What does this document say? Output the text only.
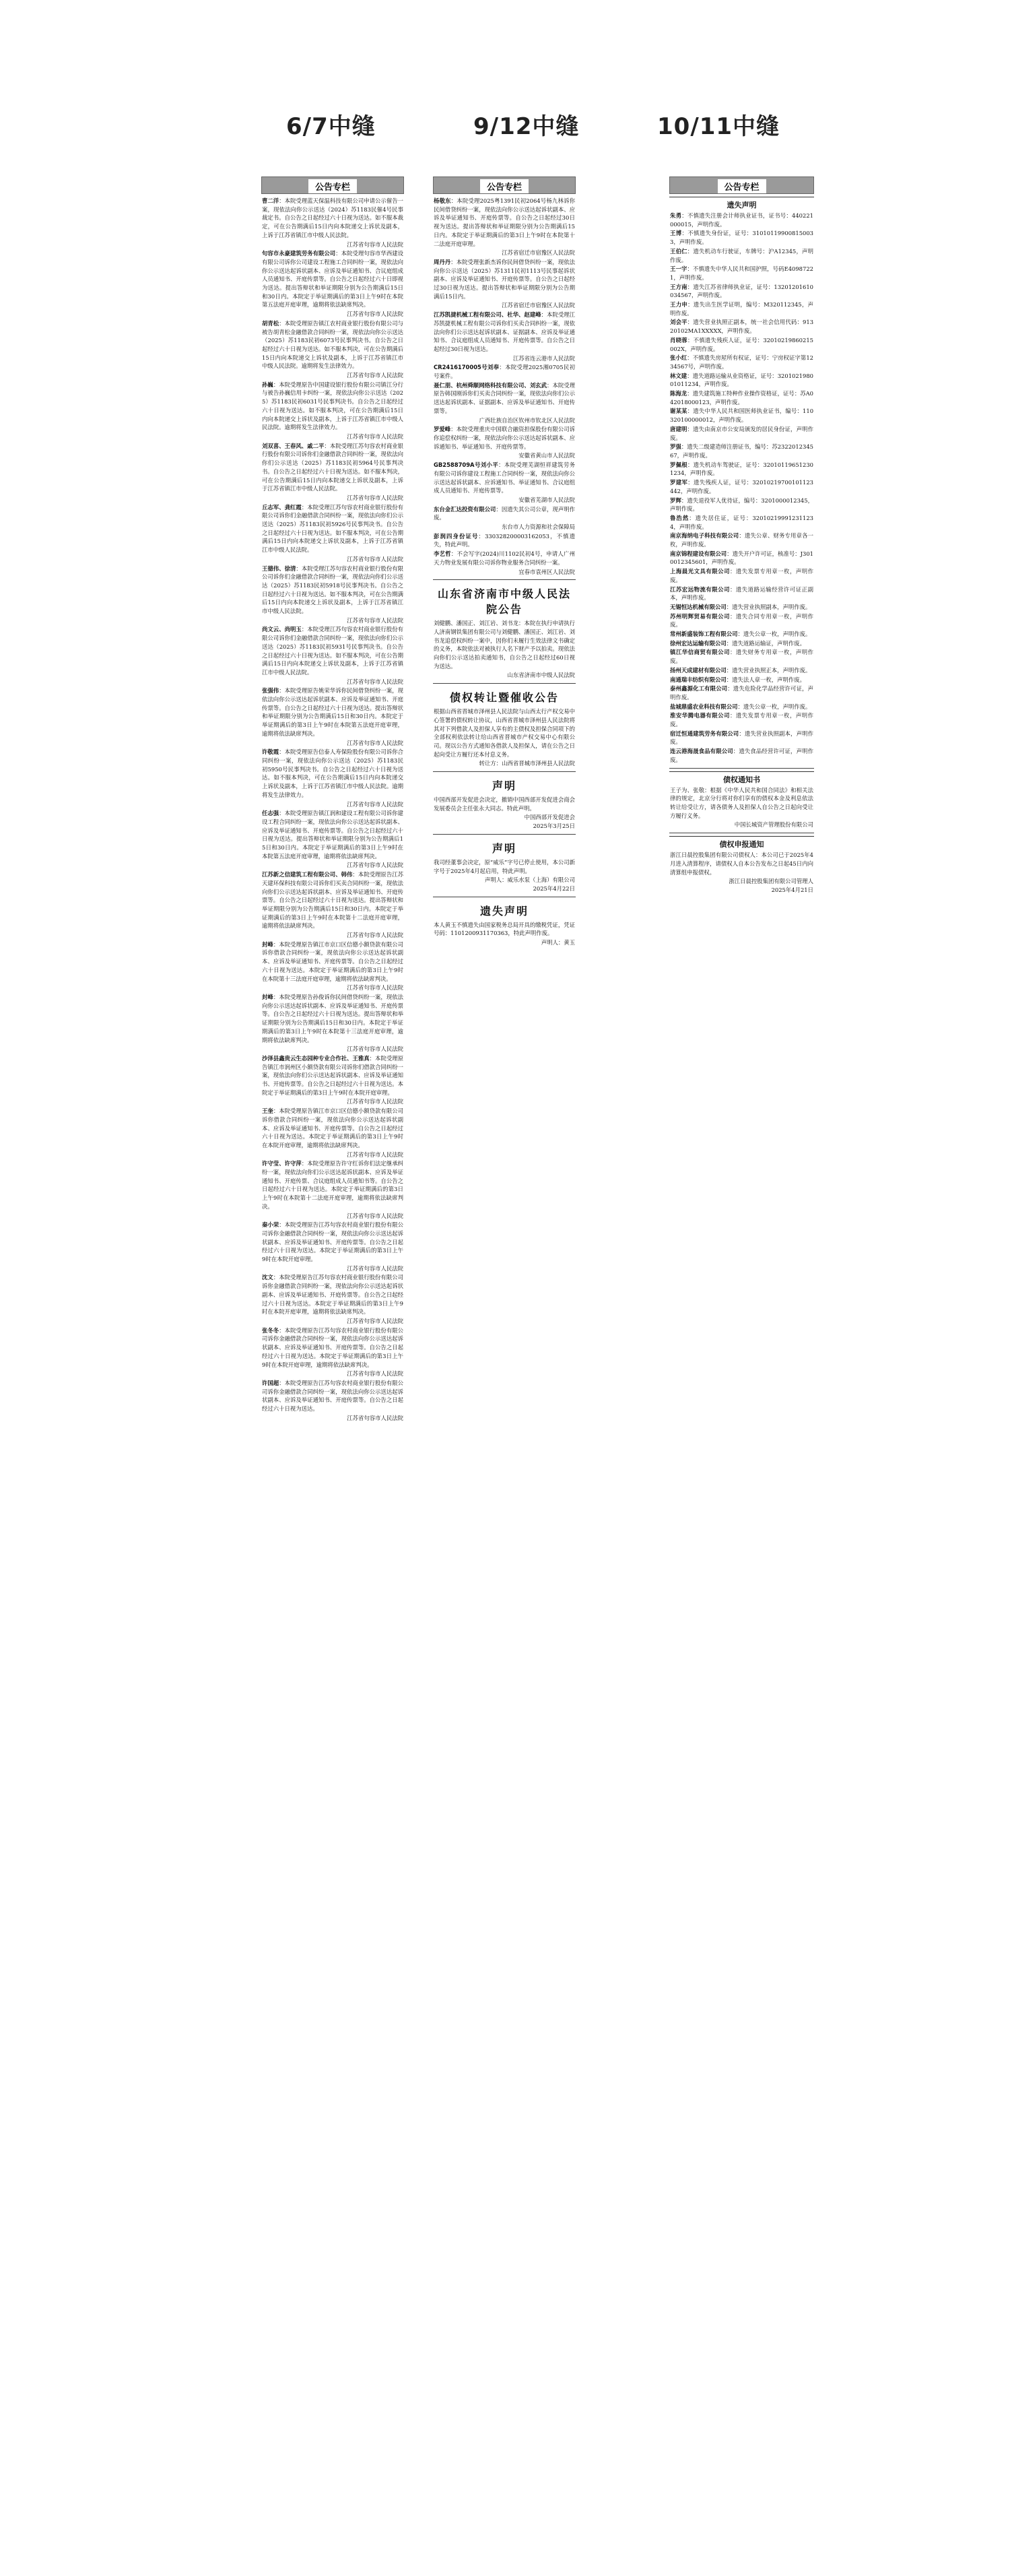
6/7中缝	9/12中缝	10/11中缝
公告专栏
曹二洋：本院受理蓝天保温科技有限公司申请公示催告一案，现依法向你公示送达（2024）苏1183民催4号民事裁定书。自公告之日起经过六十日视为送达。如不服本裁定，可在公告期满后15日内向本院递交上诉状及副本，上诉于江苏省镇江市中级人民法院。
江苏省句容市人民法院
句容市永豪建筑劳务有限公司：本院受理句容市华西建设有限公司诉你公司建设工程施工合同纠纷一案，现依法向你公示送达起诉状副本、应诉及举证通知书、合议庭组成人员通知书、开庭传票等。自公告之日起经过六十日即视为送达。提出答辩状和举证期限分别为公告期满后15日和30日内。本院定于举证期满后的第3日上午9时在本院第五法庭开庭审理，逾期将依法缺席判决。
江苏省句容市人民法院
胡青松：本院受理原告镇江农村商业银行股份有限公司与被告胡青松金融借款合同纠纷一案，现依法向你公示送达（2025）苏1183民初6073号民事判决书。自公告之日起经过六十日视为送达。如不服本判决，可在公告期满后15日内向本院递交上诉状及副本，上诉于江苏省镇江市中级人民法院。逾期将发生法律效力。
江苏省句容市人民法院
孙巍：本院受理原告中国建设银行股份有限公司镇江分行与被告孙巍信用卡纠纷一案，现依法向你公示送达（2025）苏1183民初6031号民事判决书。自公告之日起经过六十日视为送达。如不服本判决，可在公告期满后15日内向本院递交上诉状及副本，上诉于江苏省镇江市中级人民法院。逾期将发生法律效力。
江苏省句容市人民法院
刘双喜、王春风、戚二平：本院受理江苏句容农村商业银行股份有限公司诉你们金融借款合同纠纷一案，现依法向你们公示送达（2025）苏1183民初5964号民事判决书。自公告之日起经过六十日视为送达。如不服本判决，可在公告期满后15日内向本院递交上诉状及副本，上诉于江苏省镇江市中级人民法院。
江苏省句容市人民法院
丘志军、龚红霞：本院受理江苏句容农村商业银行股份有限公司诉你们金融借款合同纠纷一案，现依法向你们公示送达（2025）苏1183民初5926号民事判决书。自公告之日起经过六十日视为送达。如不服本判决，可在公告期满后15日内向本院递交上诉状及副本，上诉于江苏省镇江市中级人民法院。
江苏省句容市人民法院
王德伟、徐清：本院受理江苏句容农村商业银行股份有限公司诉你们金融借款合同纠纷一案，现依法向你们公示送达（2025）苏1183民初5918号民事判决书。自公告之日起经过六十日视为送达。如不服本判决，可在公告期满后15日内向本院递交上诉状及副本，上诉于江苏省镇江市中级人民法院。
江苏省句容市人民法院
尚文云、尚明玉：本院受理江苏句容农村商业银行股份有限公司诉你们金融借款合同纠纷一案，现依法向你们公示送达（2025）苏1183民初5931号民事判决书。自公告之日起经过六十日视为送达。如不服本判决，可在公告期满后15日内向本院递交上诉状及副本，上诉于江苏省镇江市中级人民法院。
江苏省句容市人民法院
张强伟：本院受理原告姚荣华诉你民间借贷纠纷一案，现依法向你公示送达起诉状副本、应诉及举证通知书、开庭传票等。自公告之日起经过六十日视为送达。提出答辩状和举证期限分别为公告期满后15日和30日内。本院定于举证期满后的第3日上午9时在本院第五法庭开庭审理，逾期将依法缺席判决。
江苏省句容市人民法院
许敬霞：本院受理原告信泰人寿保险股份有限公司诉你合同纠纷一案，现依法向你公示送达（2025）苏1183民初5950号民事判决书。自公告之日起经过六十日视为送达。如不服本判决，可在公告期满后15日内向本院递交上诉状及副本，上诉于江苏省镇江市中级人民法院。逾期将发生法律效力。
江苏省句容市人民法院
任志强：本院受理原告镇江润和建设工程有限公司诉你建设工程合同纠纷一案，现依法向你公示送达起诉状副本、应诉及举证通知书、开庭传票等。自公告之日起经过六十日视为送达。提出答辩状和举证期限分别为公告期满后15日和30日内。本院定于举证期满后的第3日上午9时在本院第五法庭开庭审理，逾期将依法缺席判决。
江苏省句容市人民法院
江苏新之信建筑工程有限公司、韩伟：本院受理原告江苏天建环保科技有限公司诉你们买卖合同纠纷一案，现依法向你们公示送达起诉状副本、应诉及举证通知书、开庭传票等。自公告之日起经过六十日视为送达。提出答辩状和举证期限分别为公告期满后15日和30日内。本院定于举证期满后的第3日上午9时在本院第十二法庭开庭审理，逾期将依法缺席判决。
江苏省句容市人民法院
封峰：本院受理原告镇江市京口区信德小额贷款有限公司诉你借款合同纠纷一案，现依法向你公示送达起诉状副本、应诉及举证通知书、开庭传票等。自公告之日起经过六十日视为送达。本院定于举证期满后的第3日上午9时在本院第十三法庭开庭审理，逾期将依法缺席判决。
江苏省句容市人民法院
封峰：本院受理原告孙俊诉你民间借贷纠纷一案，现依法向你公示送达起诉状副本、应诉及举证通知书、开庭传票等。自公告之日起经过六十日视为送达。提出答辩状和举证期限分别为公告期满后15日和30日内。本院定于举证期满后的第3日上午9时在本院第十三法庭开庭审理，逾期将依法缺席判决。
江苏省句容市人民法院
沙泽县鑫贵云生态园种专业合作社、王雅真：本院受理原告镇江市润州区小额贷款有限公司诉你们借款合同纠纷一案，现依法向你们公示送达起诉状副本、应诉及举证通知书、开庭传票等。自公告之日起经过六十日视为送达。本院定于举证期满后的第3日上午9时在本院开庭审理。
江苏省句容市人民法院
王奎：本院受理原告镇江市京口区信德小额贷款有限公司诉你借款合同纠纷一案，现依法向你公示送达起诉状副本、应诉及举证通知书、开庭传票等。自公告之日起经过六十日视为送达。本院定于举证期满后的第3日上午9时在本院开庭审理，逾期将依法缺席判决。
江苏省句容市人民法院
许守莹、许守萍：本院受理原告许守红诉你们法定继承纠纷一案，现依法向你们公示送达起诉状副本、应诉及举证通知书、开庭传票、合议庭组成人员通知书等。自公告之日起经过六十日视为送达。本院定于举证期满后的第3日上午9时在本院第十二法庭开庭审理，逾期将依法缺席判决。
江苏省句容市人民法院
秦小荣：本院受理原告江苏句容农村商业银行股份有限公司诉你金融借款合同纠纷一案，现依法向你公示送达起诉状副本、应诉及举证通知书、开庭传票等。自公告之日起经过六十日视为送达。本院定于举证期满后的第3日上午9时在本院开庭审理。
江苏省句容市人民法院
沈文：本院受理原告江苏句容农村商业银行股份有限公司诉你金融借款合同纠纷一案，现依法向你公示送达起诉状副本、应诉及举证通知书、开庭传票等。自公告之日起经过六十日视为送达。本院定于举证期满后的第3日上午9时在本院开庭审理，逾期将依法缺席判决。
江苏省句容市人民法院
张冬冬：本院受理原告江苏句容农村商业银行股份有限公司诉你金融借款合同纠纷一案，现依法向你公示送达起诉状副本、应诉及举证通知书、开庭传票等。自公告之日起经过六十日视为送达。本院定于举证期满后的第3日上午9时在本院开庭审理，逾期将依法缺席判决。
江苏省句容市人民法院
许国超：本院受理原告江苏句容农村商业银行股份有限公司诉你金融借款合同纠纷一案，现依法向你公示送达起诉状副本、应诉及举证通知书、开庭传票等。自公告之日起经过六十日视为送达。
江苏省句容市人民法院
公告专栏
杨敬东：本院受理2025粤1391民初2064号杨九林诉你民间借贷纠纷一案，现依法向你公示送达起诉状副本、应诉及举证通知书、开庭传票等。自公告之日起经过30日视为送达。提出答辩状和举证期限分别为公告期满后15日内。本院定于举证期满后的第3日上午9时在本院第十二法庭开庭审理。
江苏省宿迁市宿豫区人民法院
周丹丹：本院受理张新杰诉你民间借贷纠纷一案，现依法向你公示送达（2025）苏1311民初1113号民事起诉状副本、应诉及举证通知书、开庭传票等。自公告之日起经过30日视为送达。提出答辩状和举证期限分别为公告期满后15日内。
江苏省宿迁市宿豫区人民法院
江苏凯捷机械工程有限公司、杜华、赵建峰：本院受理江苏凯捷机械工程有限公司诉你们买卖合同纠纷一案，现依法向你们公示送达起诉状副本、证据副本、应诉及举证通知书、合议庭组成人员通知书、开庭传票等。自公告之日起经过30日视为送达。
江苏省连云港市人民法院
CR2416170005号刘奉：本院受理2025湘0705民初号案件。
聂仁朋、杭州舜顺网络科技有限公司、刘玄武：本院受理原告韩国刚诉你们买卖合同纠纷一案，现依法向你们公示送达起诉状副本、证据副本、应诉及举证通知书、开庭传票等。
广西壮族自治区钦州市钦北区人民法院
罗爱峰：本院受理重庆中国联合融资担保股份有限公司诉你追偿权纠纷一案，现依法向你公示送达起诉状副本、应诉通知书、举证通知书、开庭传票等。
安徽省黄山市人民法院
GB2588709A号刘小平：本院受理芜湖恒祥建筑劳务有限公司诉你建设工程施工合同纠纷一案，现依法向你公示送达起诉状副本、应诉通知书、举证通知书、合议庭组成人员通知书、开庭传票等。
安徽省芜湖市人民法院
东台金汇达投资有限公司：因遗失其公司公章，现声明作废。
东台市人力资源和社会保障局
彭润四身份证号：330328200003162053，不慎遗失，特此声明。
李艺哲：不会写字(2024)川1102民初4号，申请人广州天力物业发展有限公司诉你物业服务合同纠纷一案。
宜春市袁州区人民法院
山东省济南市中级人民法院公告
刘健鹏、潘国正、刘江岩、刘书龙：本院在执行申请执行人济南钢铁集团有限公司与刘健鹏、潘国正、刘江岩、刘书龙追偿权纠纷一案中，因你们未履行生效法律文书确定的义务，本院依法对被执行人名下财产予以拍卖。现依法向你们公示送达拍卖通知书，自公告之日起经过60日视为送达。
山东省济南市中级人民法院
债权转让暨催收公告
根据山西省晋城市泽州县人民法院与山西太行产权交易中心签署的债权转让协议，山西省晋城市泽州县人民法院将其对下列借款人及担保人享有的主债权及担保合同项下的全部权利依法转让给山西省晋城市产权交易中心有限公司。现以公告方式通知各借款人及担保人，请在公告之日起向受让方履行还本付息义务。
转让方：山西省晋城市泽州县人民法院
声明
中国西部开发促进会决定，撤销中国西部开发促进会商会发展委员会主任张永大同志。特此声明。
中国西部开发促进会
2025年3月25日
声明
我司经董事会决定，原“威乐”字号已停止使用，本公司新字号于2025年4月起启用，特此声明。
声明人：威乐水泵（上海）有限公司
2025年4月22日
遗失声明
本人黄玉不慎遗失由国家税务总局开具的缴税凭证，凭证号码：1101200931170363，特此声明作废。
声明人：黄玉
公告专栏
遗失声明
朱勇：不慎遗失注册会计师执业证书，证书号：440221000015，声明作废。
王博：不慎遗失身份证，证号：310101199008150033，声明作废。
王伯仁：遗失机动车行驶证，车牌号：沪A12345，声明作废。
王一宇：不慎遗失中华人民共和国护照，号码E40987221，声明作废。
王方南：遗失江苏省律师执业证，证号：13201201610034567，声明作废。
王力申：遗失出生医学证明，编号：M320112345，声明作废。
刘会平：遗失营业执照正副本，统一社会信用代码：91320102MA1XXXXX，声明作废。
肖晓蓉：不慎遗失残疾人证，证号：32010219860215002X，声明作废。
张小红：不慎遗失房屋所有权证，证号：宁房权证字第1234567号，声明作废。
林文建：遗失道路运输从业资格证，证号：320102198001011234，声明作废。
陈海龙：遗失建筑施工特种作业操作资格证，证号：苏A042018000123，声明作废。
谢某某：遗失中华人民共和国医师执业证书，编号：110320100000012，声明作废。
唐建明：遗失由南京市公安局颁发的居民身份证，声明作废。
罗强：遗失二级建造师注册证书，编号：苏232201234567，声明作废。
罗佩根：遗失机动车驾驶证，证号：320101196512301234，声明作废。
罗建军：遗失残疾人证，证号：32010219700101123442，声明作废。
罗辉：遗失退役军人优待证，编号：3201000012345，声明作废。
鲁浩然：遗失居住证，证号：320102199912311234，声明作废。
南京海纳电子科技有限公司：遗失公章、财务专用章各一枚，声明作废。
南京锦程建设有限公司：遗失开户许可证，核准号：J3010012345601，声明作废。
上海晨光文具有限公司：遗失发票专用章一枚，声明作废。
江苏宏远物流有限公司：遗失道路运输经营许可证正副本，声明作废。
无锡恒达机械有限公司：遗失营业执照副本，声明作废。
苏州明辉贸易有限公司：遗失合同专用章一枚，声明作废。
常州新盛装饰工程有限公司：遗失公章一枚，声明作废。
徐州宏达运输有限公司：遗失道路运输证，声明作废。
镇江华信商贸有限公司：遗失财务专用章一枚，声明作废。
扬州天成建材有限公司：遗失营业执照正本，声明作废。
南通瑞丰纺织有限公司：遗失法人章一枚，声明作废。
泰州鑫源化工有限公司：遗失危险化学品经营许可证，声明作废。
盐城鼎盛农业科技有限公司：遗失公章一枚，声明作废。
淮安华腾电器有限公司：遗失发票专用章一枚，声明作废。
宿迁恒通建筑劳务有限公司：遗失营业执照副本，声明作废。
连云港海晟食品有限公司：遗失食品经营许可证，声明作废。
债权通知书
王子为、张敬：根据《中华人民共和国合同法》和相关法律的规定，北京分行将对你们享有的债权本金及利息依法转让给受让方，请各债务人及担保人自公告之日起向受让方履行义务。
中国长城资产管理股份有限公司
债权申报通知
浙江日晨控股集团有限公司债权人：本公司已于2025年4月进入清算程序，请债权人自本公告发布之日起45日内向清算组申报债权。
浙江日晨控股集团有限公司管理人
2025年4月21日
